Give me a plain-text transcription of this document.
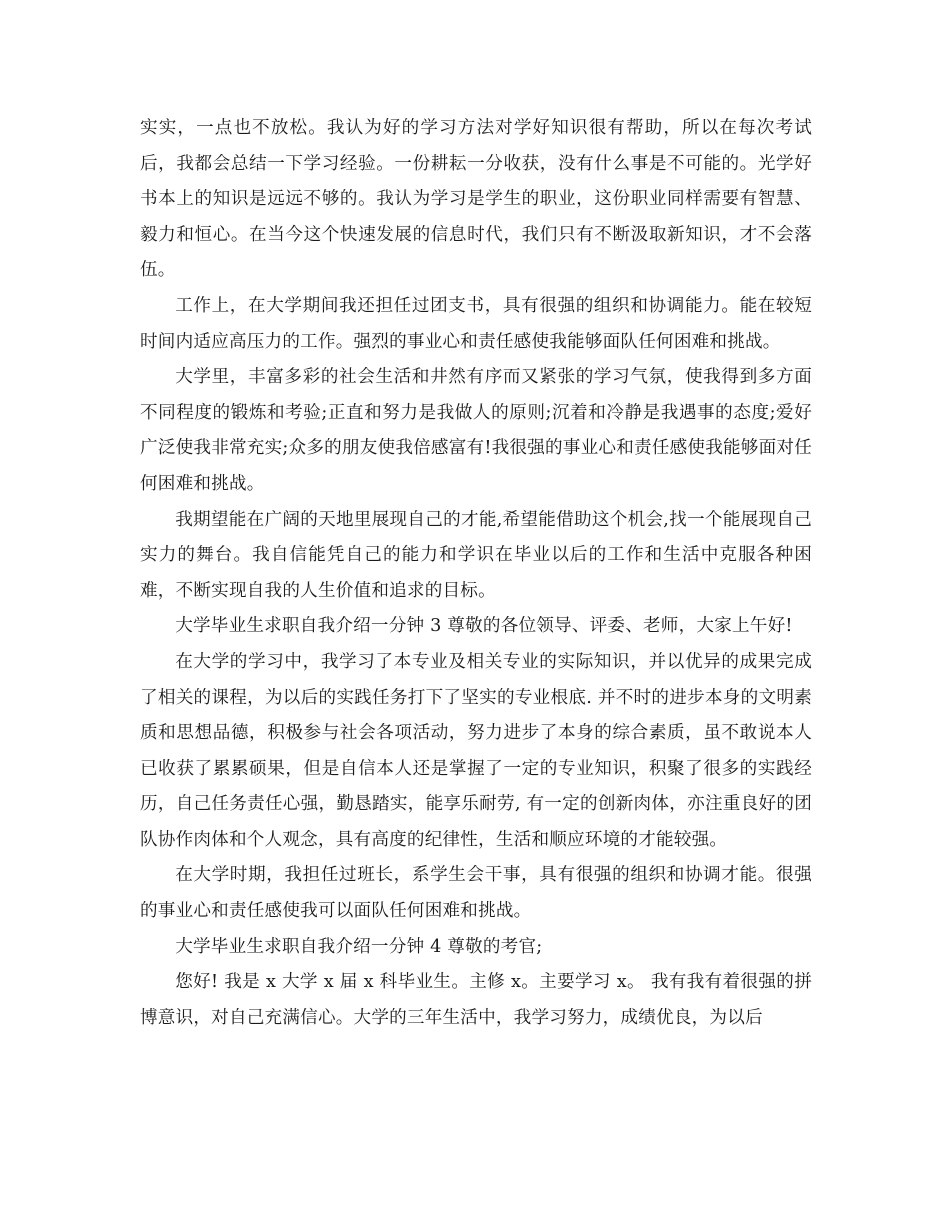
实实，一点也不放松。我认为好的学习方法对学好知识很有帮助，所以在每次考试后，我都会总结一下学习经验。一份耕耘一分收获，没有什么事是不可能的。光学好书本上的知识是远远不够的。我认为学习是学生的职业，这份职业同样需要有智慧、毅力和恒心。在当今这个快速发展的信息时代，我们只有不断汲取新知识，才不会落伍。

工作上，在大学期间我还担任过团支书，具有很强的组织和协调能力。能在较短时间内适应高压力的工作。强烈的事业心和责任感使我能够面队任何困难和挑战。

大学里，丰富多彩的社会生活和井然有序而又紧张的学习气氛，使我得到多方面不同程度的锻炼和考验;正直和努力是我做人的原则;沉着和冷静是我遇事的态度;爱好广泛使我非常充实;众多的朋友使我倍感富有!我很强的事业心和责任感使我能够面对任何困难和挑战。

我期望能在广阔的天地里展现自己的才能,希望能借助这个机会,找一个能展现自己实力的舞台。我自信能凭自己的能力和学识在毕业以后的工作和生活中克服各种困难，不断实现自我的人生价值和追求的目标。

大学毕业生求职自我介绍一分钟 3 尊敬的各位领导、评委、老师，大家上午好!

在大学的学习中，我学习了本专业及相关专业的实际知识，并以优异的成果完成了相关的课程，为以后的实践任务打下了坚实的专业根底. 并不时的进步本身的文明素质和思想品德，积极参与社会各项活动，努力进步了本身的综合素质，虽不敢说本人已收获了累累硕果，但是自信本人还是掌握了一定的专业知识，积聚了很多的实践经历，自己任务责任心强，勤恳踏实，能享乐耐劳, 有一定的创新肉体，亦注重良好的团队协作肉体和个人观念，具有高度的纪律性，生活和顺应环境的才能较强。

在大学时期，我担任过班长，系学生会干事，具有很强的组织和协调才能。很强的事业心和责任感使我可以面队任何困难和挑战。

大学毕业生求职自我介绍一分钟 4 尊敬的考官;

您好! 我是 x 大学 x 届 x 科毕业生。主修 x。主要学习 x。 我有我有着很强的拼博意识，对自己充满信心。大学的三年生活中，我学习努力，成绩优良，为以后
